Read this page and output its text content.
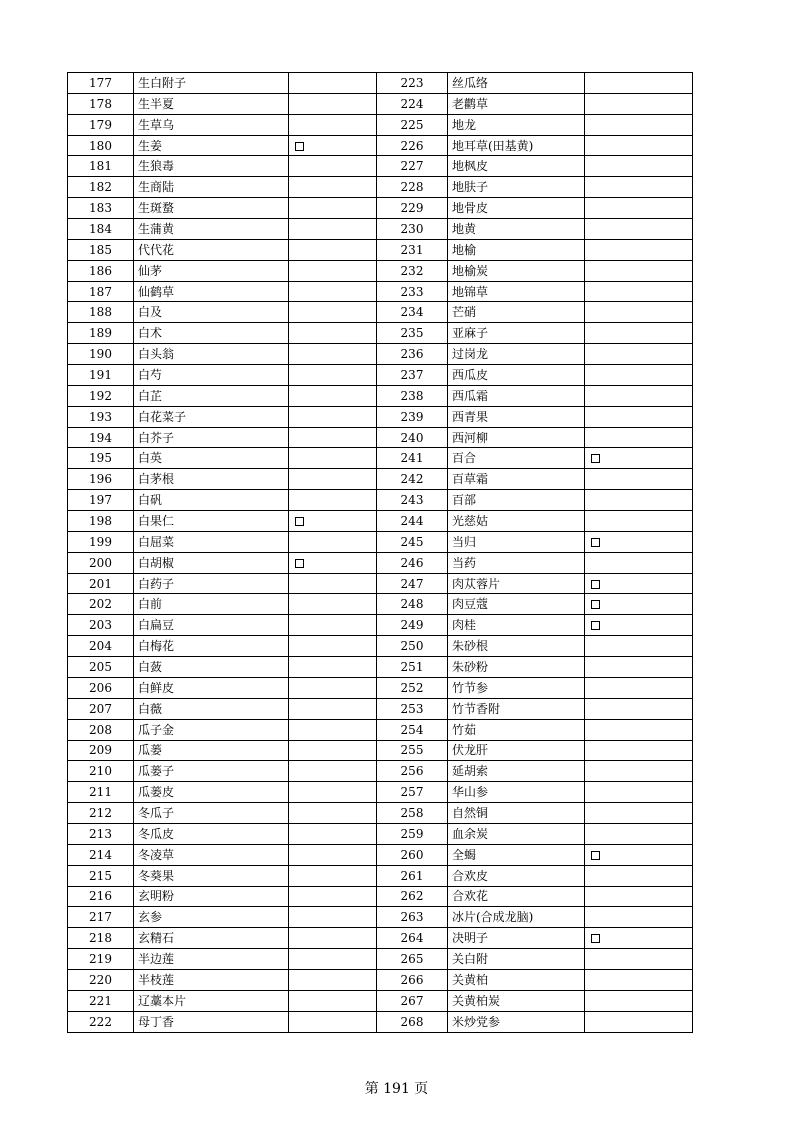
177	生白附子		223	丝瓜络	
178	生半夏		224	老鹳草	
179	生草乌		225	地龙	
180	生姜		226	地耳草(田基黄)	
181	生狼毒		227	地枫皮	
182	生商陆		228	地肤子	
183	生斑蝥		229	地骨皮	
184	生蒲黄		230	地黄	
185	代代花		231	地榆	
186	仙茅		232	地榆炭	
187	仙鹤草		233	地锦草	
188	白及		234	芒硝	
189	白术		235	亚麻子	
190	白头翁		236	过岗龙	
191	白芍		237	西瓜皮	
192	白芷		238	西瓜霜	
193	白花菜子		239	西青果	
194	白芥子		240	西河柳	
195	白英		241	百合	
196	白茅根		242	百草霜	
197	白矾		243	百部	
198	白果仁		244	光慈姑	
199	白屈菜		245	当归	
200	白胡椒		246	当药	
201	白药子		247	肉苁蓉片	
202	白前		248	肉豆蔻	
203	白扁豆		249	肉桂	
204	白梅花		250	朱砂根	
205	白蔹		251	朱砂粉	
206	白鲜皮		252	竹节参	
207	白薇		253	竹节香附	
208	瓜子金		254	竹茹	
209	瓜蒌		255	伏龙肝	
210	瓜蒌子		256	延胡索	
211	瓜蒌皮		257	华山参	
212	冬瓜子		258	自然铜	
213	冬瓜皮		259	血余炭	
214	冬凌草		260	全蝎	
215	冬葵果		261	合欢皮	
216	玄明粉		262	合欢花	
217	玄参		263	冰片(合成龙脑)	
218	玄精石		264	决明子	
219	半边莲		265	关白附	
220	半枝莲		266	关黄柏	
221	辽藁本片		267	关黄柏炭	
222	母丁香		268	米炒党参	
第 191 页
